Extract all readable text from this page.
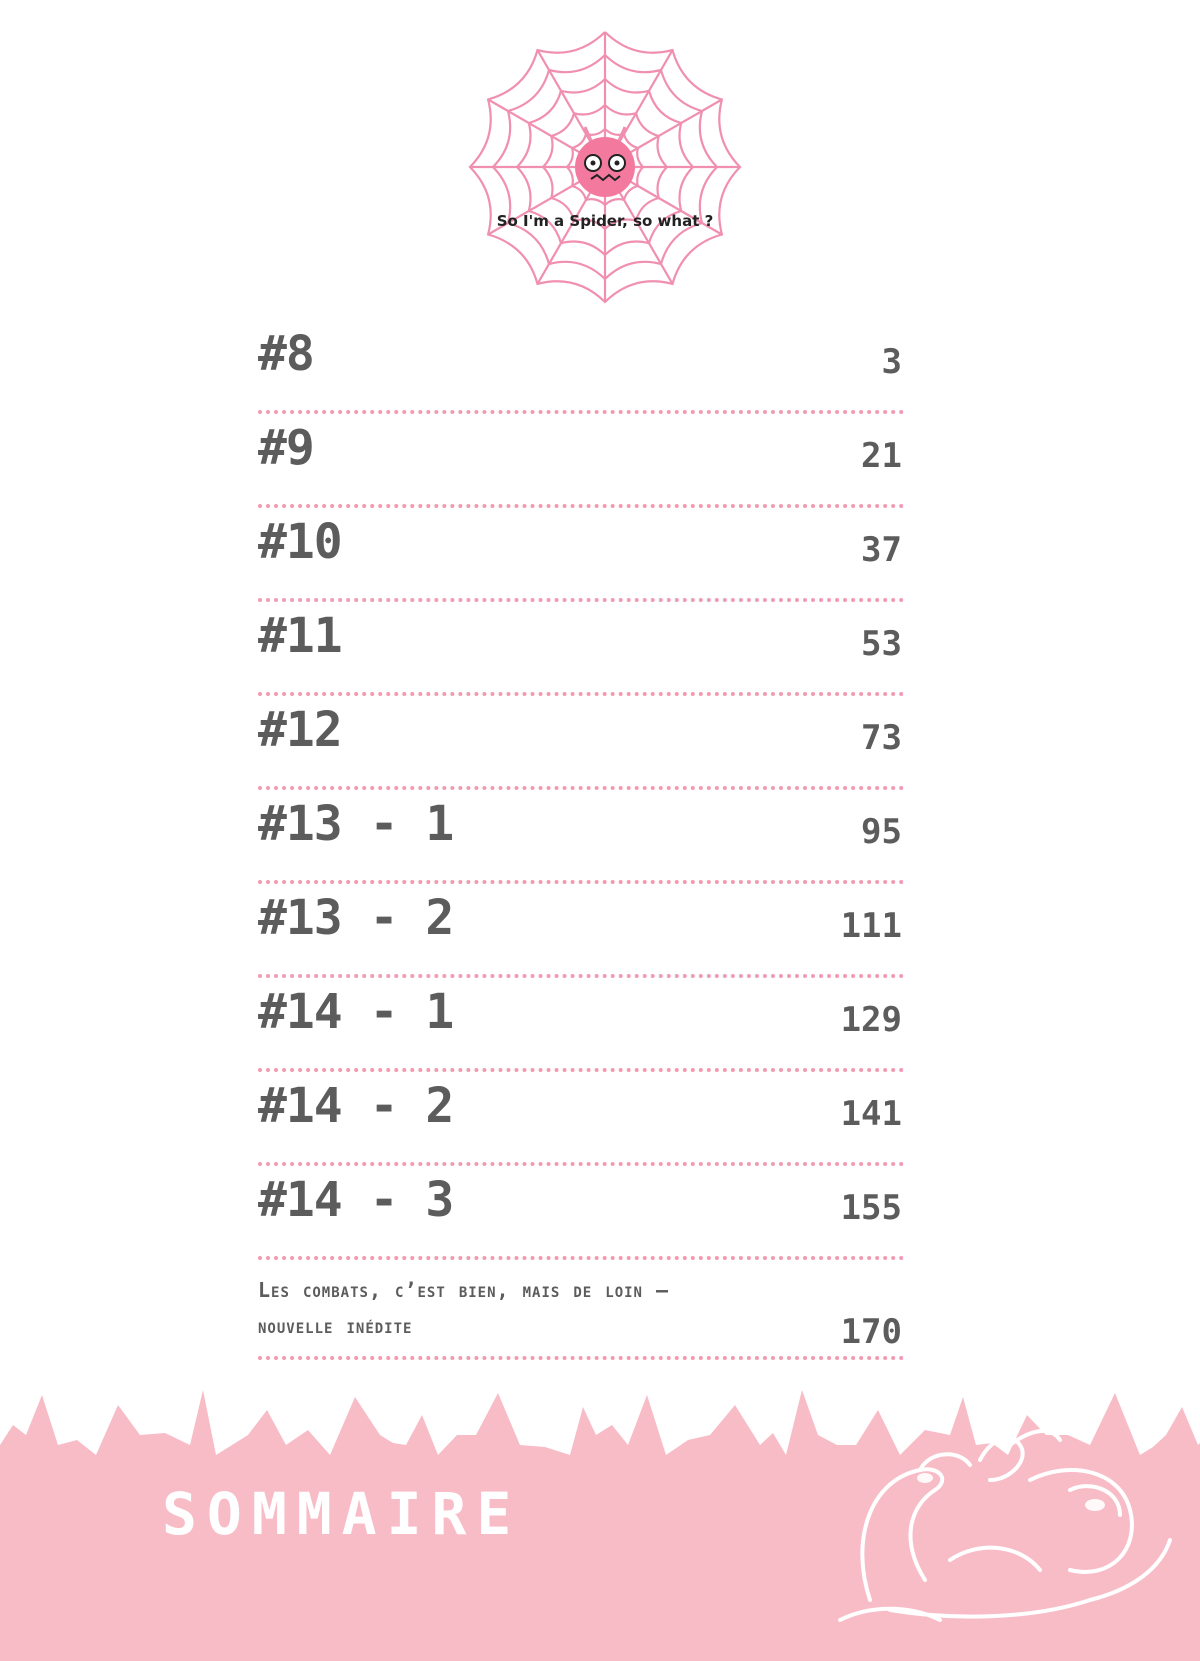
So I'm a Spider, so what ?
#8	3
#9	21
#10	37
#11	53
#12	73
#13 - 1	95
#13 - 2	111
#14 - 1	129
#14 - 2	141
#14 - 3	155
Les combats, c’est bien, mais de loin –
nouvelle inédite	170
SOMMAIRE
